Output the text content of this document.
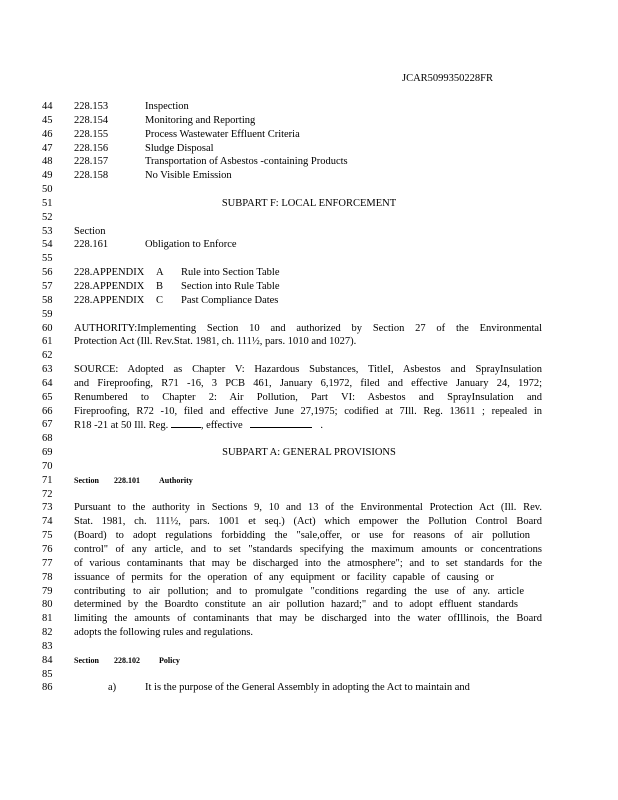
JCAR5099350228FR
44	228.153	Inspection
45	228.154	Monitoring and Reporting
46	228.155	Process Wastewater Effluent Criteria
47	228.156	Sludge Disposal
48	228.157	Transportation of Asbestos -containing Products
49	228.158	No Visible Emission
50
51	SUBPART F: LOCAL ENFORCEMENT
52
53	Section
54	228.161	Obligation to Enforce
55
56	228.APPENDIX A Rule into Section Table
57	228.APPENDIX B Section into Rule Table
58	228.APPENDIX C Past Compliance Dates
59
60	AUTHORITY:Implementing Section 10 and authorized by Section 27 of the Environmental
61	Protection Act (Ill. Rev.Stat. 1981, ch. 111½, pars. 1010 and 1027).
62
63	SOURCE: Adopted as Chapter V: Hazardous Substances, TitleI, Asbestos and SprayInsulation
64	and Fireproofing, R71 -16, 3 PCB 461, January 6,1972, filed and effective January 24, 1972;
65	Renumbered to Chapter 2: Air Pollution, Part VI: Asbestos and SprayInsulation and
66	Fireproofing, R72 -10, filed and effective June 27,1975; codified at 7Ill. Reg. 13611 ; repealed in
67	R18 -21 at 50 Ill. Reg.	, effective	.
68
69	SUBPART A: GENERAL PROVISIONS
70
71	Section 228.101 Authority
72
73	Pursuant to the authority in Sections 9, 10 and 13 of the Environmental Protection Act (Ill. Rev.
74	Stat. 1981, ch. 111½, pars. 1001 et seq.) (Act) which empower the Pollution Control Board
75	(Board) to adopt regulations forbidding the "sale,offer, or use for reasons of air pollution
76	control" of any article, and to set "standards specifying the maximum amounts or concentrations
77	of various contaminants that may be discharged into the atmosphere"; and to set standards for the
78	issuance of permits for the operation of any equipment or facility capable of causing or
79	contributing to air pollution; and to promulgate "conditions regarding the use of any. article
80	determined by the Boardto constitute an air pollution hazard;" and to adopt effluent standards
81	limiting the amounts of contaminants that may be discharged into the water ofIllinois, the Board
82	adopts the following rules and regulations.
83
84	Section 228.102 Policy
85
86	a)	It is the purpose of the General Assembly in adopting the Act to maintain and
